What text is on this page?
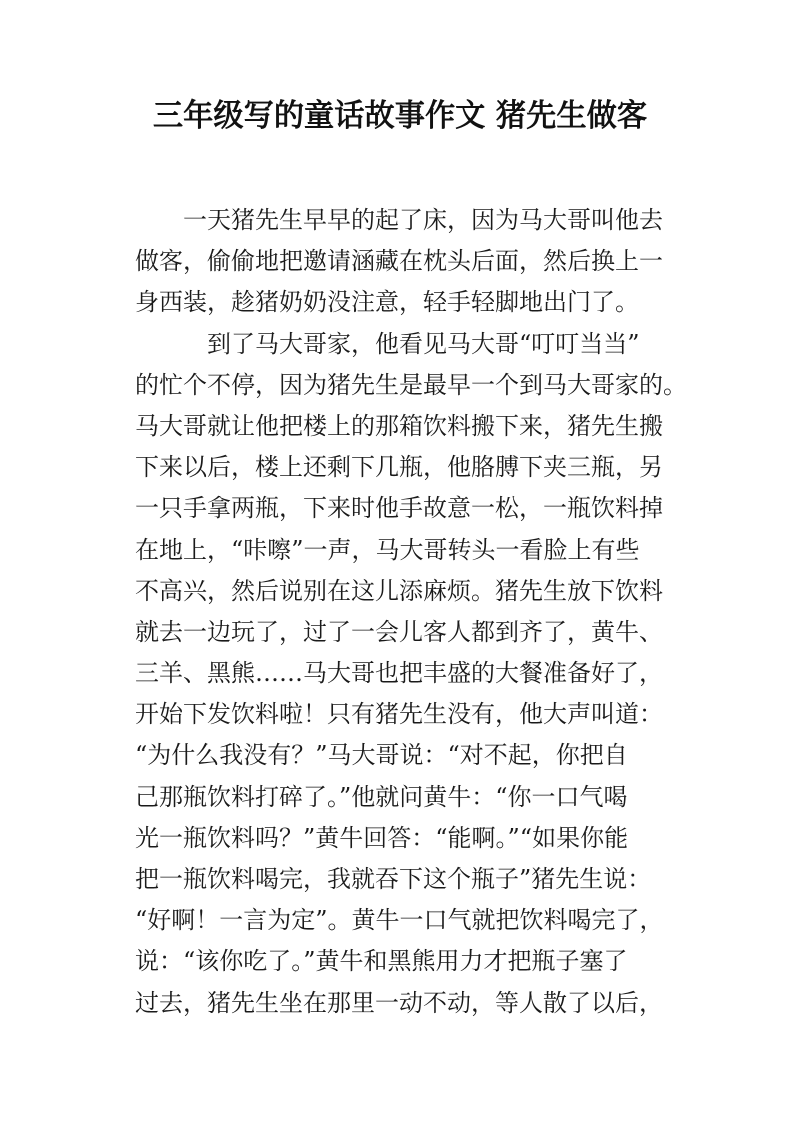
三年级写的童话故事作文 猪先生做客
一天猪先生早早的起了床，因为马大哥叫他去
做客，偷偷地把邀请涵藏在枕头后面，然后换上一
身西装，趁猪奶奶没注意，轻手轻脚地出门了。
到了马大哥家，他看见马大哥“叮叮当当”
的忙个不停，因为猪先生是最早一个到马大哥家的。
马大哥就让他把楼上的那箱饮料搬下来，猪先生搬
下来以后，楼上还剩下几瓶，他胳膊下夹三瓶，另
一只手拿两瓶，下来时他手故意一松，一瓶饮料掉
在地上，“咔嚓”一声，马大哥转头一看脸上有些
不高兴，然后说别在这儿添麻烦。猪先生放下饮料
就去一边玩了，过了一会儿客人都到齐了，黄牛、
三羊、黑熊……马大哥也把丰盛的大餐准备好了，
开始下发饮料啦！只有猪先生没有，他大声叫道：
“为什么我没有？”马大哥说：“对不起，你把自
己那瓶饮料打碎了。”他就问黄牛：“你一口气喝
光一瓶饮料吗？”黄牛回答：“能啊。”“如果你能
把一瓶饮料喝完，我就吞下这个瓶子”猪先生说：
“好啊！一言为定”。黄牛一口气就把饮料喝完了，
说：“该你吃了。”黄牛和黑熊用力才把瓶子塞了
过去，猪先生坐在那里一动不动，等人散了以后，
